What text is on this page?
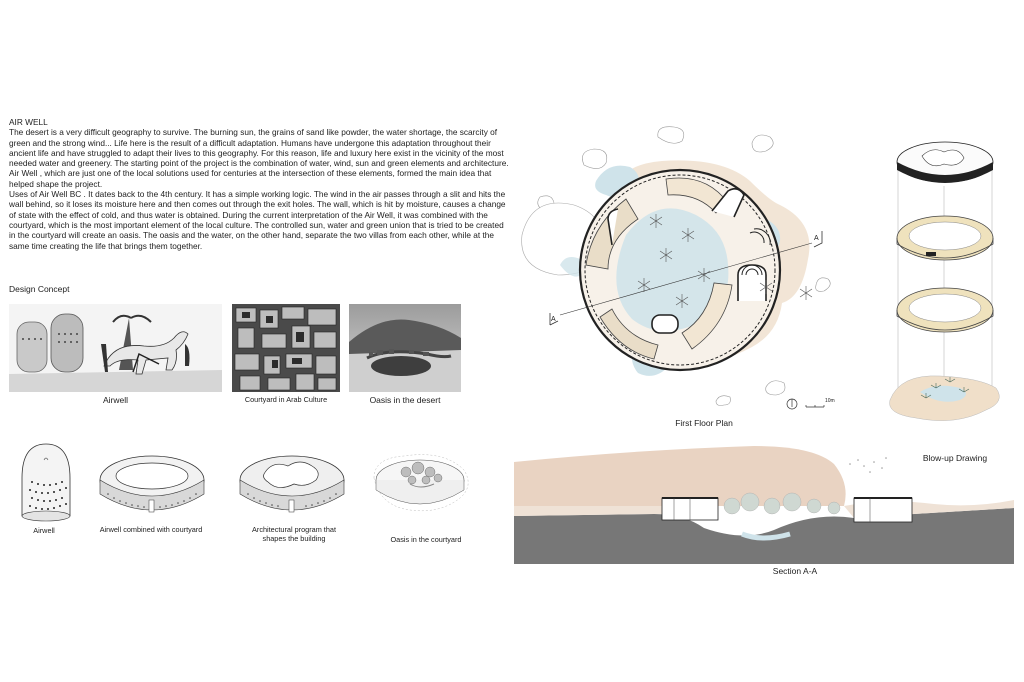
AIR WELL

The desert is a very difficult geography to survive. The burning sun, the grains of sand like powder, the water shortage, the scarcity of green and the strong wind... Life here is the result of a difficult adaptation. Humans have undergone this adaptation throughout their ancient life and have struggled to adapt their lives to this geography. For this reason, life and luxury here exist in the vicinity of the most needed water and greenery. The starting point of the project is the combination of water, wind, sun and green elements and architecture. Air Well , which are just one of the local solutions used for centuries at the intersection of these elements, formed the main idea that helped shape the project.

Uses of Air Well BC . It dates back to the 4th century. It has a simple working logic. The wind in the air passes through a slit and hits the wall behind, so it loses its moisture here and then comes out through the exit holes. The wall, which is hit by moisture, causes a change of state with the effect of cold, and thus water is obtained. During the current interpretation of the Air Well, it was combined with the courtyard, which is the most important element of the local culture. The controlled sun, water and green union that is tried to be created in the courtyard will create an oasis. The oasis and the water, on the other hand, separate the two villas from each other, while at the same time creating the life that brings them together.

Design Concept
Airwell	Courtyard in Arab Culture	Oasis in the desert
Airwell	Airwell combined with courtyard	Architectural program that shapes the building	Oasis in the courtyard
A
A
10m
First Floor Plan
Blow-up Drawing
Section A-A
